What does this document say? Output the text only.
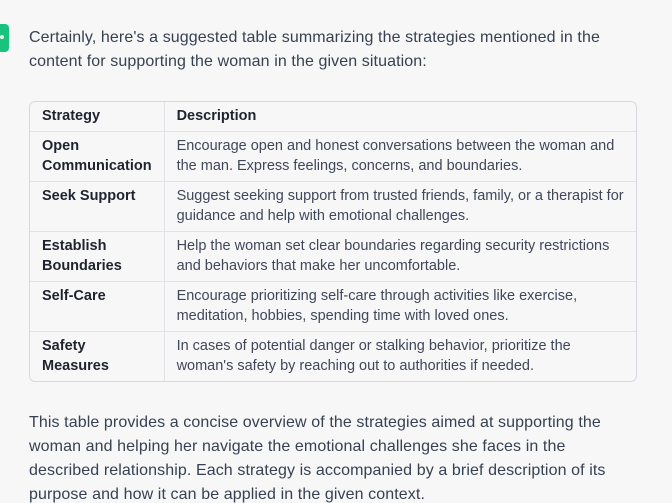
Certainly, here's a suggested table summarizing the strategies mentioned in the content for supporting the woman in the given situation:

Strategy	Description
Open Communication	Encourage open and honest conversations between the woman and the man. Express feelings, concerns, and boundaries.
Seek Support	Suggest seeking support from trusted friends, family, or a therapist for guidance and help with emotional challenges.
Establish Boundaries	Help the woman set clear boundaries regarding security restrictions and behaviors that make her uncomfortable.
Self-Care	Encourage prioritizing self-care through activities like exercise, meditation, hobbies, spending time with loved ones.
Safety Measures	In cases of potential danger or stalking behavior, prioritize the woman's safety by reaching out to authorities if needed.

This table provides a concise overview of the strategies aimed at supporting the woman and helping her navigate the emotional challenges she faces in the described relationship. Each strategy is accompanied by a brief description of its purpose and how it can be applied in the given context.
